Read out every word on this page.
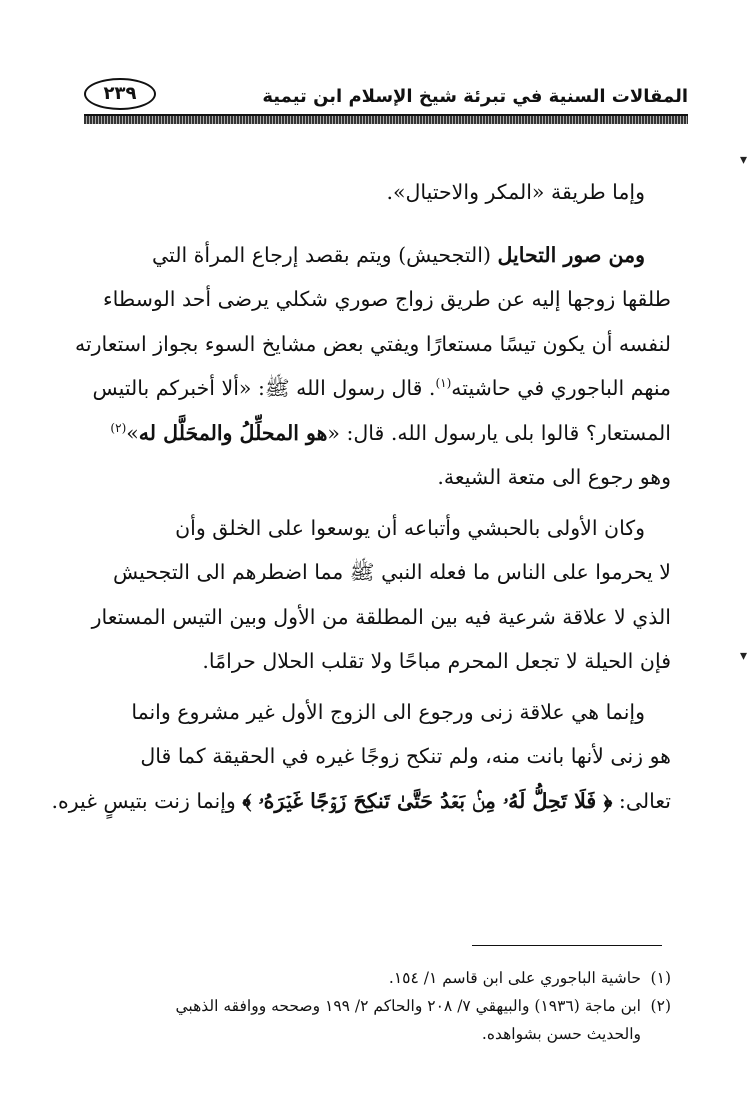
المقالات السنية في تبرئة شيخ الإسلام ابن تيمية
٢٣٩
وإما طريقة «المكر والاحتيال».
ومن صور التحايل (التجحيش) ويتم بقصد إرجاع المرأة التي
طلقها زوجها إليه عن طريق زواج صوري شكلي يرضى أحد الوسطاء
لنفسه أن يكون تيسًا مستعارًا ويفتي بعض مشايخ السوء بجواز استعارته
منهم الباجوري في حاشيته$^{(١)}$. قال رسول الله ﷺ: «ألا أخبركم بالتيس
المستعار؟ قالوا بلى يارسول الله. قال: «هو المحلِّلُ والمحَلَّل له»$^{(٢)}$
وهو رجوع الى متعة الشيعة.
وكان الأولى بالحبشي وأتباعه أن يوسعوا على الخلق وأن
لا يحرموا على الناس ما فعله النبي ﷺ مما اضطرهم الى التجحيش
الذي لا علاقة شرعية فيه بين المطلقة من الأول وبين التيس المستعار
فإن الحيلة لا تجعل المحرم مباحًا ولا تقلب الحلال حرامًا.
وإنما هي علاقة زنى ورجوع الى الزوج الأول غير مشروع وانما
هو زنى لأنها بانت منه، ولم تنكح زوجًا غيره في الحقيقة كما قال
تعالى: ﴿ فَلَا تَحِلُّ لَهُۥ مِنۢ بَعۡدُ حَتَّىٰ تَنكِحَ زَوۡجًا غَيۡرَهُۥ ﴾ وإنما زنت بتيسٍ غيره.
(١)حاشية الباجوري على ابن قاسم ١/ ١٥٤.
(٢)ابن ماجة (١٩٣٦) والبيهقي ٧/ ٢٠٨ والحاكم ٢/ ١٩٩ وصححه ووافقه الذهبي
والحديث حسن بشواهده.
▾
▾
